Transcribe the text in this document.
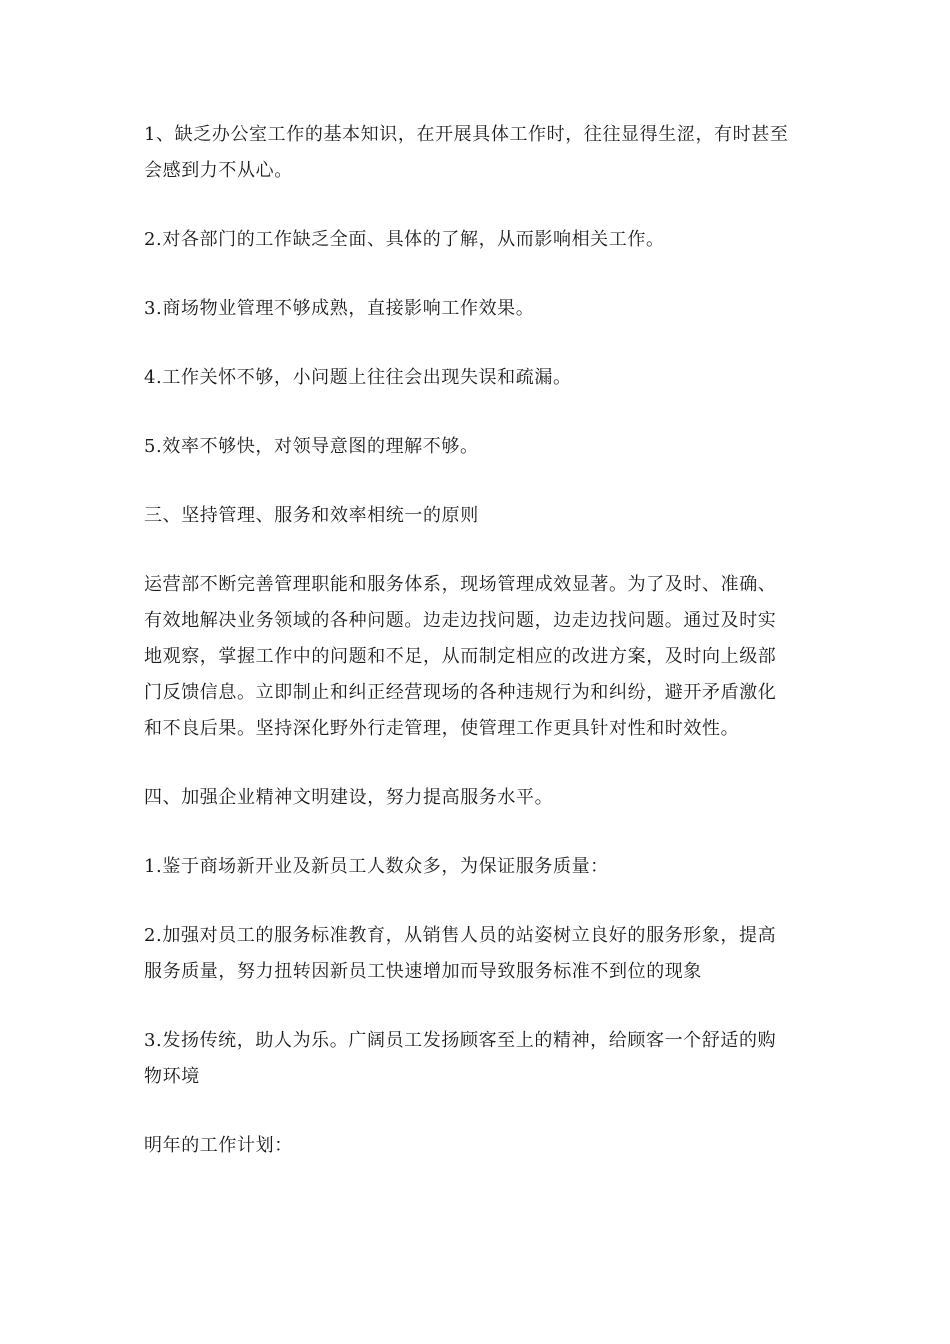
1、缺乏办公室工作的基本知识，在开展具体工作时，往往显得生涩，有时甚至
会感到力不从心。

2.对各部门的工作缺乏全面、具体的了解，从而影响相关工作。

3.商场物业管理不够成熟，直接影响工作效果。

4.工作关怀不够，小问题上往往会出现失误和疏漏。

5.效率不够快，对领导意图的理解不够。

三、坚持管理、服务和效率相统一的原则

运营部不断完善管理职能和服务体系，现场管理成效显著。为了及时、准确、
有效地解决业务领域的各种问题。边走边找问题，边走边找问题。通过及时实
地观察，掌握工作中的问题和不足，从而制定相应的改进方案，及时向上级部
门反馈信息。立即制止和纠正经营现场的各种违规行为和纠纷，避开矛盾激化
和不良后果。坚持深化野外行走管理，使管理工作更具针对性和时效性。

四、加强企业精神文明建设，努力提高服务水平。

1.鉴于商场新开业及新员工人数众多，为保证服务质量：

2.加强对员工的服务标准教育，从销售人员的站姿树立良好的服务形象，提高
服务质量，努力扭转因新员工快速增加而导致服务标准不到位的现象

3.发扬传统，助人为乐。广阔员工发扬顾客至上的精神，给顾客一个舒适的购
物环境

明年的工作计划：
